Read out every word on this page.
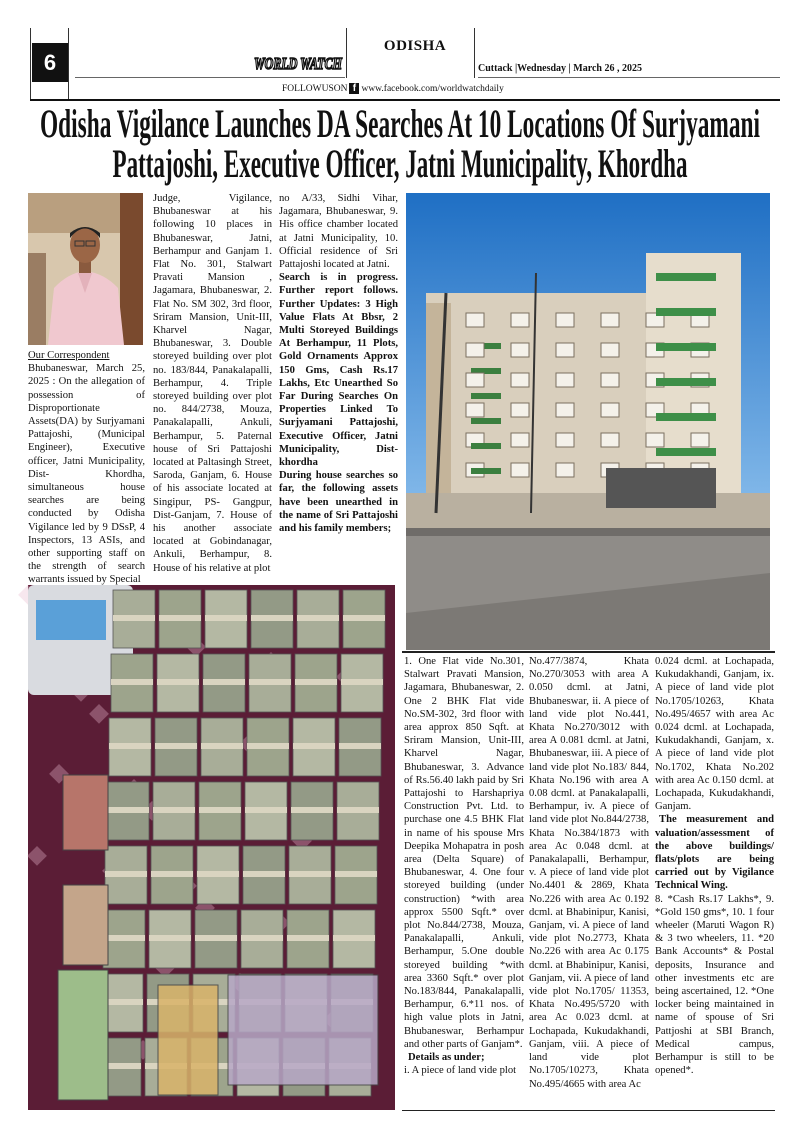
6	WORLD WATCH
ODISHA
Cuttack |Wednesday | March 26 , 2025
FOLLOWUSON f www.facebook.com/worldwatchdaily
Odisha Vigilance Launches DA Searches At 10 Locations Of Surjyamani
Pattajoshi, Executive Officer, Jatni Municipality, Khordha

Our Correspondent

Bhubaneswar, March 25, 2025 : On the allegation of possession of Disproportionate Assets(DA) by Surjyamani Pattajoshi, (Municipal Engineer), Executive officer, Jatni Municipality, Dist- Khordha, simultaneous house searches are being conducted by Odisha Vigilance led by 9 DSsP, 4 Inspectors, 13 ASIs, and other supporting staff on the strength of search warrants issued by Special

Judge, Vigilance, Bhubaneswar at his following 10 places in Bhubaneswar, Jatni, Berhampur and Ganjam 1. Flat No. 301, Stalwart Pravati Mansion , Jagamara, Bhubaneswar, 2. Flat No. SM 302, 3rd floor, Sriram Mansion, Unit-III, Kharvel Nagar, Bhubaneswar, 3. Double storeyed building over plot no. 183/844, Panakalapalli, Berhampur, 4. Triple storeyed building over plot no. 844/2738, Mouza, Panakalapalli, Ankuli, Berhampur, 5. Paternal house of Sri Pattajoshi located at Paltasingh Street, Saroda, Ganjam, 6. House of his associate located at Singipur, PS- Gangpur, Dist-Ganjam, 7. House of his another associate located at Gobindanagar, Ankuli, Berhampur, 8. House of his relative at plot

no A/33, Sidhi Vihar, Jagamara, Bhubaneswar, 9. His office chamber located at Jatni Municipality, 10. Official residence of Sri Pattajoshi located at Jatni.

Search is in progress. Further report follows. Further Updates: 3 High Value Flats At Bbsr, 2 Multi Storeyed Buildings At Berhampur, 11 Plots, Gold Ornaments Approx 150 Gms, Cash Rs.17 Lakhs, Etc Unearthed So Far During Searches On Properties Linked To Surjyamani Pattajoshi, Executive Officer, Jatni Municipality, Dist-khordha

During house searches so far, the following assets have been unearthed in the name of Sri Pattajoshi and his family members;

1. One Flat vide No.301, Stalwart Pravati Mansion, Jagamara, Bhubaneswar, 2. One 2 BHK Flat vide No.SM-302, 3rd floor with area approx 850 Sqft. at Sriram Mansion, Unit-III, Kharvel Nagar, Bhubaneswar, 3. Advance of Rs.56.40 lakh paid by Sri Pattajoshi to Harshapriya Construction Pvt. Ltd. to purchase one 4.5 BHK Flat in name of his spouse Mrs Deepika Mohapatra in posh area (Delta Square) of Bhubaneswar, 4. One four storeyed building (under construction) *with area approx 5500 Sqft.* over plot No.844/2738, Mouza, Panakalapalli, Ankuli, Berhampur, 5.One double storeyed building *with area 3360 Sqft.* over plot No.183/844, Panakalapalli, Berhampur, 6.*11 nos. of high value plots in Jatni, Bhubaneswar, Berhampur and other parts of Ganjam*.

Details as under;

i. A piece of land vide plot

No.477/3874, Khata No.270/3053 with area A 0.050 dcml. at Jatni, Bhubaneswar, ii. A piece of land vide plot No.441, Khata No.270/3012 with area A 0.081 dcml. at Jatni, Bhubaneswar, iii. A piece of land vide plot No.183/ 844, Khata No.196 with area A 0.08 dcml. at Panakalapalli, Berhampur, iv. A piece of land vide plot No.844/2738, Khata No.384/1873 with area Ac 0.048 dcml. at Panakalapalli, Berhampur, v. A piece of land vide plot No.4401 & 2869, Khata No.226 with area Ac 0.192 dcml. at Bhabinipur, Kanisi, Ganjam, vi. A piece of land vide plot No.2773, Khata No.226 with area Ac 0.175 dcml. at Bhabinipur, Kanisi, Ganjam, vii. A piece of land vide plot No.1705/ 11353, Khata No.495/5720 with area Ac 0.023 dcml. at Lochapada, Kukudakhandi, Ganjam, viii. A piece of land vide plot No.1705/10273, Khata No.495/4665 with area Ac

0.024 dcml. at Lochapada, Kukudakhandi, Ganjam, ix. A piece of land vide plot No.1705/10263, Khata No.495/4657 with area Ac 0.024 dcml. at Lochapada, Kukudakhandi, Ganjam, x. A piece of land vide plot No.1702, Khata No.202 with area Ac 0.150 dcml. at Lochapada, Kukudakhandi, Ganjam.

The measurement and valuation/assessment of the above buildings/ flats/plots are being carried out by Vigilance Technical Wing.

8. *Cash Rs.17 Lakhs*, 9. *Gold 150 gms*, 10. 1 four wheeler (Maruti Wagon R) & 3 two wheelers, 11. *20 Bank Accounts* & Postal deposits, Insurance and other investments etc are being ascertained, 12. *One locker being maintained in name of spouse of Sri Pattjoshi at SBI Branch, Medical campus, Berhampur is still to be opened*.
